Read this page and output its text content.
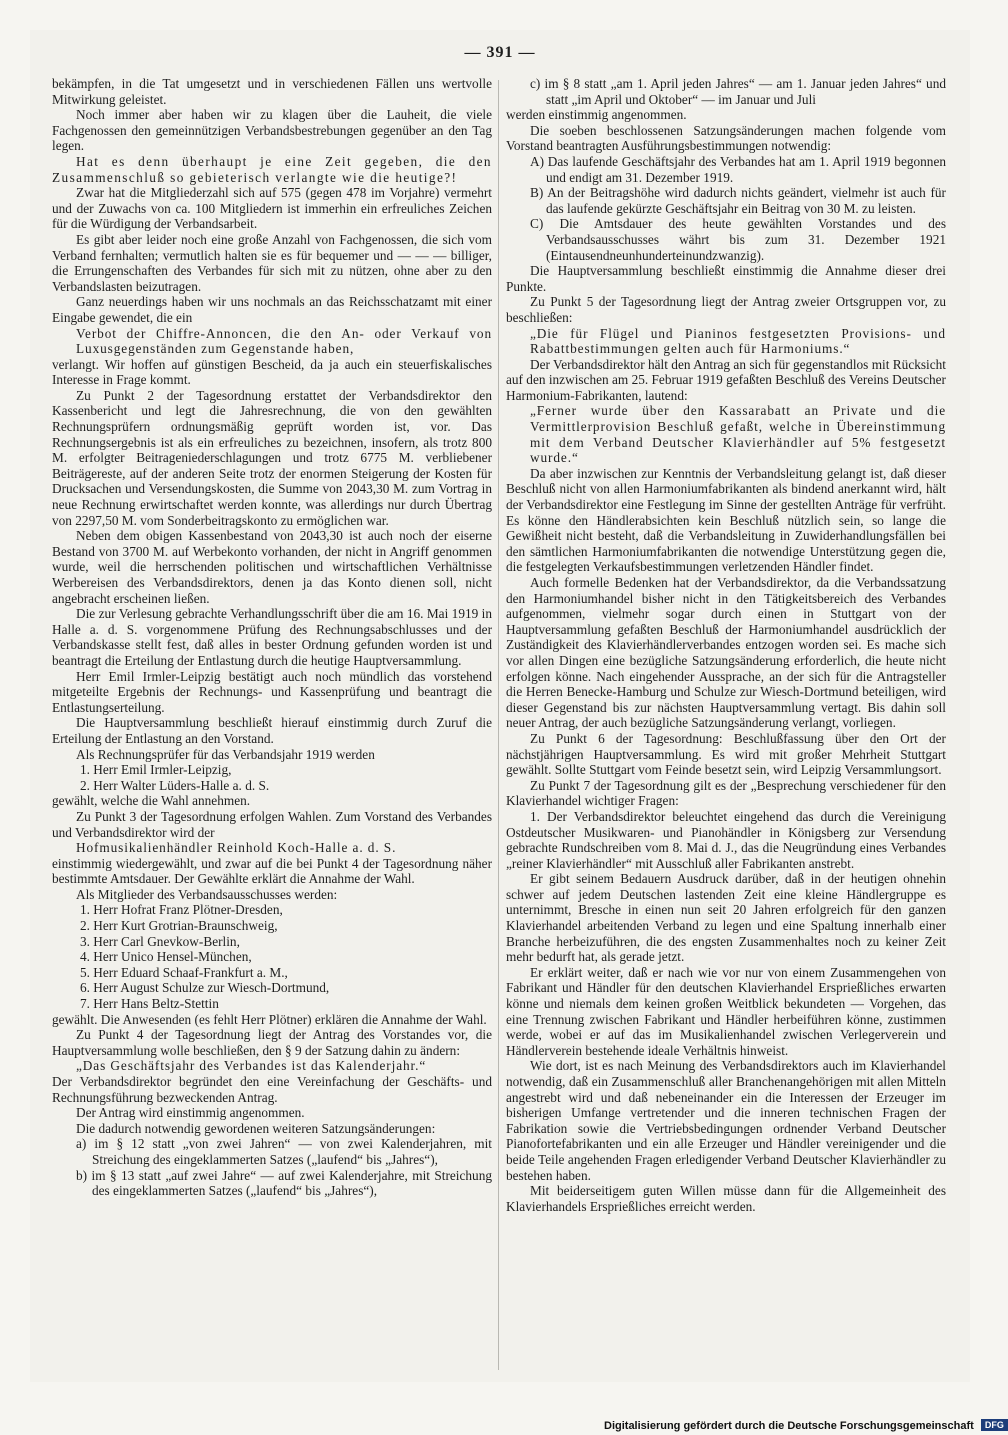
— 391 —

bekämpfen, in die Tat umgesetzt und in verschiedenen Fällen uns wertvolle Mitwirkung geleistet.

Noch immer aber haben wir zu klagen über die Lauheit, die viele Fachgenossen den gemeinnützigen Verbandsbestrebungen gegenüber an den Tag legen.

Hat es denn überhaupt je eine Zeit gegeben, die den Zusammenschluß so gebieterisch verlangte wie die heutige?!

Zwar hat die Mitgliederzahl sich auf 575 (gegen 478 im Vorjahre) vermehrt und der Zuwachs von ca. 100 Mitgliedern ist immerhin ein erfreuliches Zeichen für die Würdigung der Verbandsarbeit.

Es gibt aber leider noch eine große Anzahl von Fachgenossen, die sich vom Verband fernhalten; vermutlich halten sie es für bequemer und — — — billiger, die Errungenschaften des Verbandes für sich mit zu nützen, ohne aber zu den Verbandslasten beizutragen.

Ganz neuerdings haben wir uns nochmals an das Reichsschatzamt mit einer Eingabe gewendet, die ein

Verbot der Chiffre-Annoncen, die den An- oder Verkauf von Luxusgegenständen zum Gegenstande haben,

verlangt. Wir hoffen auf günstigen Bescheid, da ja auch ein steuerfiskalisches Interesse in Frage kommt.

Zu Punkt 2 der Tagesordnung erstattet der Verbandsdirektor den Kassenbericht und legt die Jahresrechnung, die von den gewählten Rechnungsprüfern ordnungsmäßig geprüft worden ist, vor. Das Rechnungsergebnis ist als ein erfreuliches zu bezeichnen, insofern, als trotz 800 M. erfolgter Beitrageniederschlagungen und trotz 6775 M. verbliebener Beiträgereste, auf der anderen Seite trotz der enormen Steigerung der Kosten für Drucksachen und Versendungskosten, die Summe von 2043,30 M. zum Vortrag in neue Rechnung erwirtschaftet werden konnte, was allerdings nur durch Übertrag von 2297,50 M. vom Sonderbeitragskonto zu ermöglichen war.

Neben dem obigen Kassenbestand von 2043,30 ist auch noch der eiserne Bestand von 3700 M. auf Werbekonto vorhanden, der nicht in Angriff genommen wurde, weil die herrschenden politischen und wirtschaftlichen Verhältnisse Werbereisen des Verbandsdirektors, denen ja das Konto dienen soll, nicht angebracht erscheinen ließen.

Die zur Verlesung gebrachte Verhandlungsschrift über die am 16. Mai 1919 in Halle a. d. S. vorgenommene Prüfung des Rechnungsabschlusses und der Verbandskasse stellt fest, daß alles in bester Ordnung gefunden worden ist und beantragt die Erteilung der Entlastung durch die heutige Hauptversammlung.

Herr Emil Irmler-Leipzig bestätigt auch noch mündlich das vorstehend mitgeteilte Ergebnis der Rechnungs- und Kassenprüfung und beantragt die Entlastungserteilung.

Die Hauptversammlung beschließt hierauf einstimmig durch Zuruf die Erteilung der Entlastung an den Vorstand.

Als Rechnungsprüfer für das Verbandsjahr 1919 werden

1. Herr Emil Irmler-Leipzig,

2. Herr Walter Lüders-Halle a. d. S.

gewählt, welche die Wahl annehmen.

Zu Punkt 3 der Tagesordnung erfolgen Wahlen. Zum Vorstand des Verbandes und Verbandsdirektor wird der

Hofmusikalienhändler Reinhold Koch-Halle a. d. S.

einstimmig wiedergewählt, und zwar auf die bei Punkt 4 der Tagesordnung näher bestimmte Amtsdauer. Der Gewählte erklärt die Annahme der Wahl.

Als Mitglieder des Verbandsausschusses werden:

1. Herr Hofrat Franz Plötner-Dresden,

2. Herr Kurt Grotrian-Braunschweig,

3. Herr Carl Gnevkow-Berlin,

4. Herr Unico Hensel-München,

5. Herr Eduard Schaaf-Frankfurt a. M.,

6. Herr August Schulze zur Wiesch-Dortmund,

7. Herr Hans Beltz-Stettin

gewählt. Die Anwesenden (es fehlt Herr Plötner) erklären die Annahme der Wahl.

Zu Punkt 4 der Tagesordnung liegt der Antrag des Vorstandes vor, die Hauptversammlung wolle beschließen, den § 9 der Satzung dahin zu ändern:

„Das Geschäftsjahr des Verbandes ist das Kalenderjahr.“

Der Verbandsdirektor begründet den eine Vereinfachung der Geschäfts- und Rechnungsführung bezweckenden Antrag.

Der Antrag wird einstimmig angenommen.

Die dadurch notwendig gewordenen weiteren Satzungsänderungen:

a) im § 12 statt „von zwei Jahren“ — von zwei Kalenderjahren, mit Streichung des eingeklammerten Satzes („laufend“ bis „Jahres“),

b) im § 13 statt „auf zwei Jahre“ — auf zwei Kalenderjahre, mit Streichung des eingeklammerten Satzes („laufend“ bis „Jahres“),

c) im § 8 statt „am 1. April jeden Jahres“ — am 1. Januar jeden Jahres“ und statt „im April und Oktober“ — im Januar und Juli

werden einstimmig angenommen.

Die soeben beschlossenen Satzungsänderungen machen folgende vom Vorstand beantragten Ausführungsbestimmungen notwendig:

A) Das laufende Geschäftsjahr des Verbandes hat am 1. April 1919 begonnen und endigt am 31. Dezember 1919.

B) An der Beitragshöhe wird dadurch nichts geändert, vielmehr ist auch für das laufende gekürzte Geschäftsjahr ein Beitrag von 30 M. zu leisten.

C) Die Amtsdauer des heute gewählten Vorstandes und des Verbandsausschusses währt bis zum 31. Dezember 1921 (Eintausendneunhunderteinundzwanzig).

Die Hauptversammlung beschließt einstimmig die Annahme dieser drei Punkte.

Zu Punkt 5 der Tagesordnung liegt der Antrag zweier Ortsgruppen vor, zu beschließen:

„Die für Flügel und Pianinos festgesetzten Provisions- und Rabattbestimmungen gelten auch für Harmoniums.“

Der Verbandsdirektor hält den Antrag an sich für gegenstandlos mit Rücksicht auf den inzwischen am 25. Februar 1919 gefaßten Beschluß des Vereins Deutscher Harmonium-Fabrikanten, lautend:

„Ferner wurde über den Kassarabatt an Private und die Vermittlerprovision Beschluß gefaßt, welche in Übereinstimmung mit dem Verband Deutscher Klavierhändler auf 5% festgesetzt wurde.“

Da aber inzwischen zur Kenntnis der Verbandsleitung gelangt ist, daß dieser Beschluß nicht von allen Harmoniumfabrikanten als bindend anerkannt wird, hält der Verbandsdirektor eine Festlegung im Sinne der gestellten Anträge für verfrüht. Es könne den Händlerabsichten kein Beschluß nützlich sein, so lange die Gewißheit nicht besteht, daß die Verbandsleitung in Zuwiderhandlungsfällen bei den sämtlichen Harmoniumfabrikanten die notwendige Unterstützung gegen die, die festgelegten Verkaufsbestimmungen verletzenden Händler findet.

Auch formelle Bedenken hat der Verbandsdirektor, da die Verbandssatzung den Harmoniumhandel bisher nicht in den Tätigkeitsbereich des Verbandes aufgenommen, vielmehr sogar durch einen in Stuttgart von der Hauptversammlung gefaßten Beschluß der Harmoniumhandel ausdrücklich der Zuständigkeit des Klavierhändlerverbandes entzogen worden sei. Es mache sich vor allen Dingen eine bezügliche Satzungsänderung erforderlich, die heute nicht erfolgen könne. Nach eingehender Aussprache, an der sich für die Antragsteller die Herren Benecke-Hamburg und Schulze zur Wiesch-Dortmund beteiligen, wird dieser Gegenstand bis zur nächsten Hauptversammlung vertagt. Bis dahin soll neuer Antrag, der auch bezügliche Satzungsänderung verlangt, vorliegen.

Zu Punkt 6 der Tagesordnung: Beschlußfassung über den Ort der nächstjährigen Hauptversammlung. Es wird mit großer Mehrheit Stuttgart gewählt. Sollte Stuttgart vom Feinde besetzt sein, wird Leipzig Versammlungsort.

Zu Punkt 7 der Tagesordnung gilt es der „Besprechung verschiedener für den Klavierhandel wichtiger Fragen:

1. Der Verbandsdirektor beleuchtet eingehend das durch die Vereinigung Ostdeutscher Musikwaren- und Pianohändler in Königsberg zur Versendung gebrachte Rundschreiben vom 8. Mai d. J., das die Neugründung eines Verbandes „reiner Klavierhändler“ mit Ausschluß aller Fabrikanten anstrebt.

Er gibt seinem Bedauern Ausdruck darüber, daß in der heutigen ohnehin schwer auf jedem Deutschen lastenden Zeit eine kleine Händlergruppe es unternimmt, Bresche in einen nun seit 20 Jahren erfolgreich für den ganzen Klavierhandel arbeitenden Verband zu legen und eine Spaltung innerhalb einer Branche herbeizuführen, die des engsten Zusammenhaltes noch zu keiner Zeit mehr bedurft hat, als gerade jetzt.

Er erklärt weiter, daß er nach wie vor nur von einem Zusammengehen von Fabrikant und Händler für den deutschen Klavierhandel Ersprießliches erwarten könne und niemals dem keinen großen Weitblick bekundeten — Vorgehen, das eine Trennung zwischen Fabrikant und Händler herbeiführen könne, zustimmen werde, wobei er auf das im Musikalienhandel zwischen Verlegerverein und Händlerverein bestehende ideale Verhältnis hinweist.

Wie dort, ist es nach Meinung des Verbandsdirektors auch im Klavierhandel notwendig, daß ein Zusammenschluß aller Branchenangehörigen mit allen Mitteln angestrebt wird und daß nebeneinander ein die Interessen der Erzeuger im bisherigen Umfange vertretender und die inneren technischen Fragen der Fabrikation sowie die Vertriebsbedingungen ordnender Verband Deutscher Pianofortefabrikanten und ein alle Erzeuger und Händler vereinigender und die beide Teile angehenden Fragen erledigender Verband Deutscher Klavierhändler zu bestehen haben.

Mit beiderseitigem guten Willen müsse dann für die Allgemeinheit des Klavierhandels Ersprießliches erreicht werden.

Digitalisierung gefördert durch die Deutsche Forschungsgemeinschaft DFG
